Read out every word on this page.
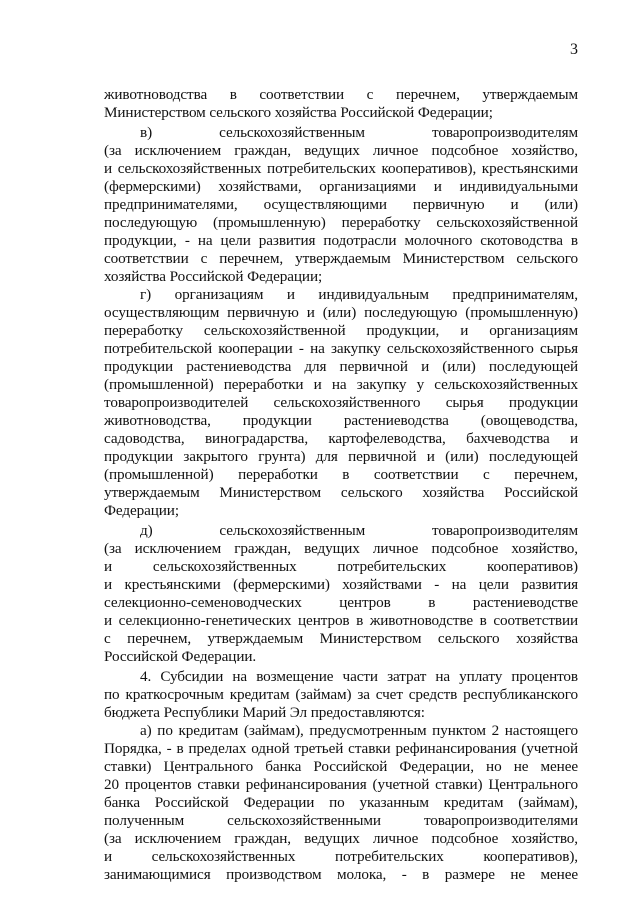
3
животноводства в соответствии с перечнем, утверждаемым
Министерством сельского хозяйства Российской Федерации;
в) сельскохозяйственным товаропроизводителям
(за исключением граждан, ведущих личное подсобное хозяйство,
и сельскохозяйственных потребительских кооперативов), крестьянскими
(фермерскими) хозяйствами, организациями и индивидуальными
предпринимателями, осуществляющими первичную и (или)
последующую (промышленную) переработку сельскохозяйственной
продукции, - на цели развития подотрасли молочного скотоводства в
соответствии с перечнем, утверждаемым Министерством сельского
хозяйства Российской Федерации;
г) организациям и индивидуальным предпринимателям,
осуществляющим первичную и (или) последующую (промышленную)
переработку сельскохозяйственной продукции, и организациям
потребительской кооперации - на закупку сельскохозяйственного сырья
продукции растениеводства для первичной и (или) последующей
(промышленной) переработки и на закупку у сельскохозяйственных
товаропроизводителей сельскохозяйственного сырья продукции
животноводства, продукции растениеводства (овощеводства,
садоводства, виноградарства, картофелеводства, бахчеводства и
продукции закрытого грунта) для первичной и (или) последующей
(промышленной) переработки в соответствии с перечнем,
утверждаемым Министерством сельского хозяйства Российской
Федерации;
д) сельскохозяйственным товаропроизводителям
(за исключением граждан, ведущих личное подсобное хозяйство,
и сельскохозяйственных потребительских кооперативов)
и крестьянскими (фермерскими) хозяйствами - на цели развития
селекционно-семеноводческих центров в растениеводстве
и селекционно-генетических центров в животноводстве в соответствии
с перечнем, утверждаемым Министерством сельского хозяйства
Российской Федерации.
4. Субсидии на возмещение части затрат на уплату процентов
по краткосрочным кредитам (займам) за счет средств республиканского
бюджета Республики Марий Эл предоставляются:
а) по кредитам (займам), предусмотренным пунктом 2 настоящего
Порядка, - в пределах одной третьей ставки рефинансирования (учетной
ставки) Центрального банка Российской Федерации, но не менее
20 процентов ставки рефинансирования (учетной ставки) Центрального
банка Российской Федерации по указанным кредитам (займам),
полученным сельскохозяйственными товаропроизводителями
(за исключением граждан, ведущих личное подсобное хозяйство,
и сельскохозяйственных потребительских кооперативов),
занимающимися производством молока, - в размере не менее
